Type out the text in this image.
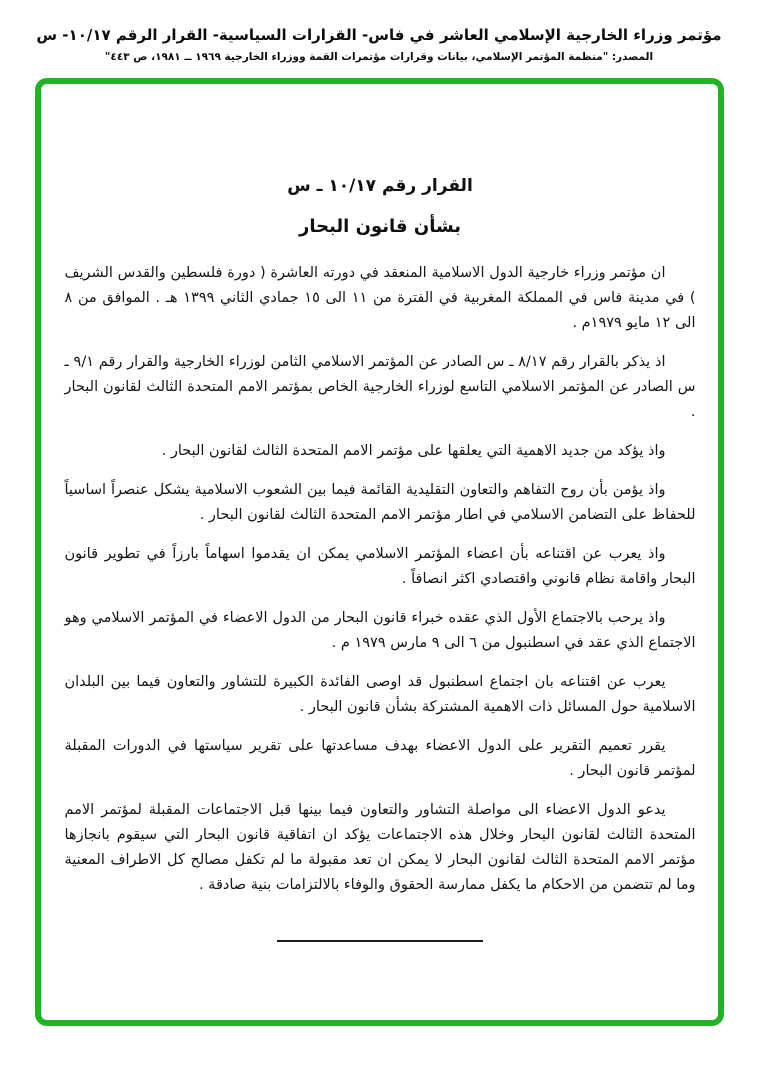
مؤتمر وزراء الخارجية الإسلامي العاشر في فاس- القرارات السياسية- القرار الرقم ١٠/١٧- س
المصدر: "منظمة المؤتمر الإسلامي، بيانات وقرارات مؤتمرات القمة ووزراء الخارجية ١٩٦٩ ــ ١٩٨١، ص ٤٤٣"
القرار رقم ١٠/١٧ ـ س
بشأن قانون البحار

ان مؤتمر وزراء خارجية الدول الاسلامية المنعقد في دورته العاشرة ( دورة فلسطين والقدس الشريف ) في مدينة فاس في المملكة المغربية في الفترة من ١١ الى ١٥ جمادي الثاني ١٣٩٩ هـ . الموافق من ٨ الى ١٢ مايو ١٩٧٩م .

اذ يذكر بالقرار رقم ٨/١٧ ـ س الصادر عن المؤتمر الاسلامي الثامن لوزراء الخارجية والقرار رقم ٩/١ ـ س الصادر عن المؤتمر الاسلامي التاسع لوزراء الخارجية الخاص بمؤتمر الامم المتحدة الثالث لقانون البحار .

واذ يؤكد من جديد الاهمية التي يعلقها على مؤتمر الامم المتحدة الثالث لقانون البحار .

واذ يؤمن بأن روح التفاهم والتعاون التقليدية القائمة فيما بين الشعوب الاسلامية يشكل عنصراً اساسياً للحفاظ على التضامن الاسلامي في اطار مؤتمر الامم المتحدة الثالث لقانون البحار .

واذ يعرب عن اقتناعه بأن اعضاء المؤتمر الاسلامي يمكن ان يقدموا اسهاماً بارزاً في تطوير قانون البحار واقامة نظام قانوني واقتصادي اكثر انصافاً .

واذ يرحب بالاجتماع الأول الذي عقده خبراء قانون البحار من الدول الاعضاء في المؤتمر الاسلامي وهو الاجتماع الذي عقد في اسطنبول من ٦ الى ٩ مارس ١٩٧٩ م .

يعرب عن اقتناعه بان اجتماع اسطنبول قد اوصى الفائدة الكبيرة للتشاور والتعاون فيما بين البلدان الاسلامية حول المسائل ذات الاهمية المشتركة بشأن قانون البحار .

يقرر تعميم التقرير على الدول الاعضاء بهدف مساعدتها على تقرير سياستها في الدورات المقبلة لمؤتمر قانون البحار .

يدعو الدول الاعضاء الى مواصلة التشاور والتعاون فيما بينها قبل الاجتماعات المقبلة لمؤتمر الامم المتحدة الثالث لقانون البحار وخلال هذه الاجتماعات يؤكد ان اتفاقية قانون البحار التي سيقوم بانجازها مؤتمر الامم المتحدة الثالث لقانون البحار لا يمكن ان تعد مقبولة ما لم تكفل مصالح كل الاطراف المعنية وما لم تتضمن من الاحكام ما يكفل ممارسة الحقوق والوفاء بالالتزامات بنية صادقة .
